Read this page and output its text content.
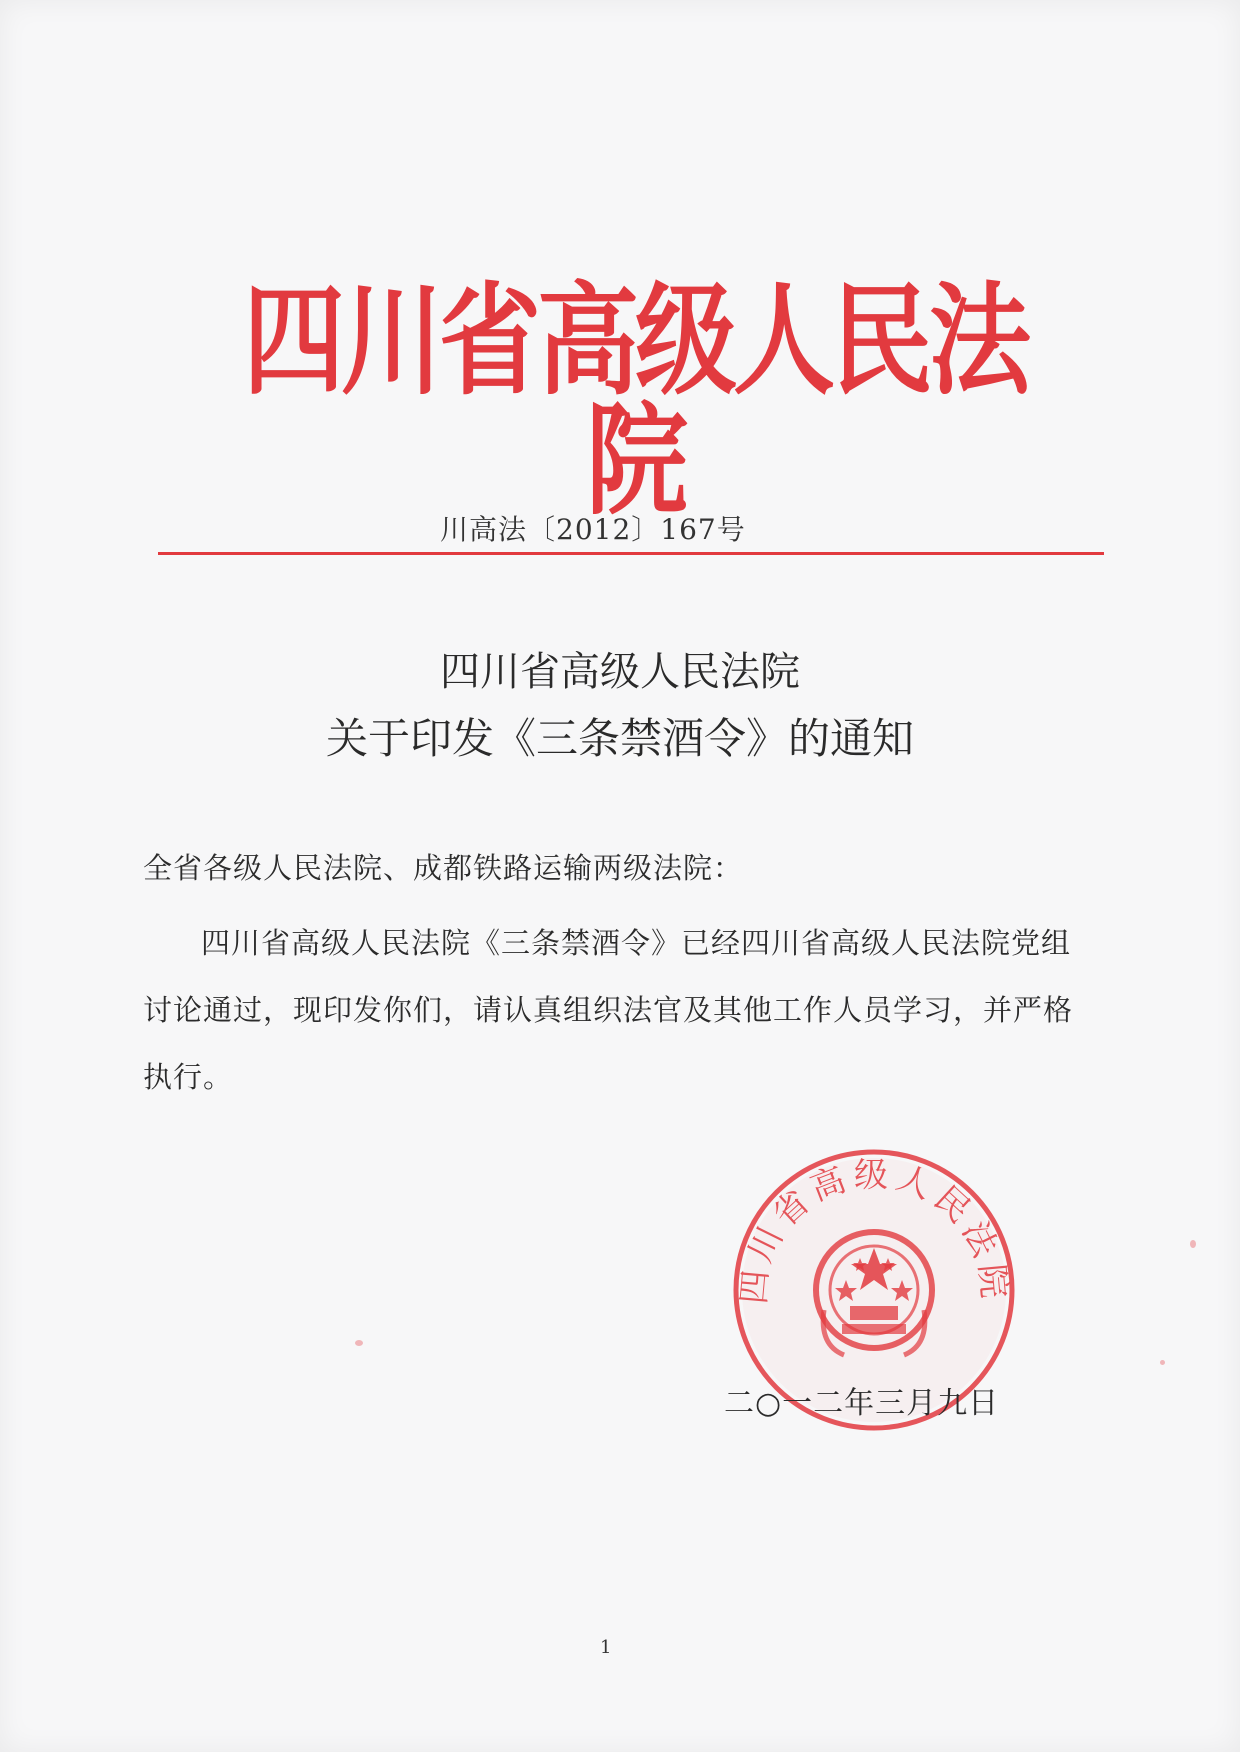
四川省高级人民法院
川高法〔2012〕167号
四川省高级人民法院
关于印发《三条禁酒令》的通知
全省各级人民法院、成都铁路运输两级法院：
四川省高级人民法院《三条禁酒令》已经四川省高级人民法院党组讨论通过，现印发你们，请认真组织法官及其他工作人员学习，并严格执行。
四川省高级人民法院
二○一二年三月九日
1
